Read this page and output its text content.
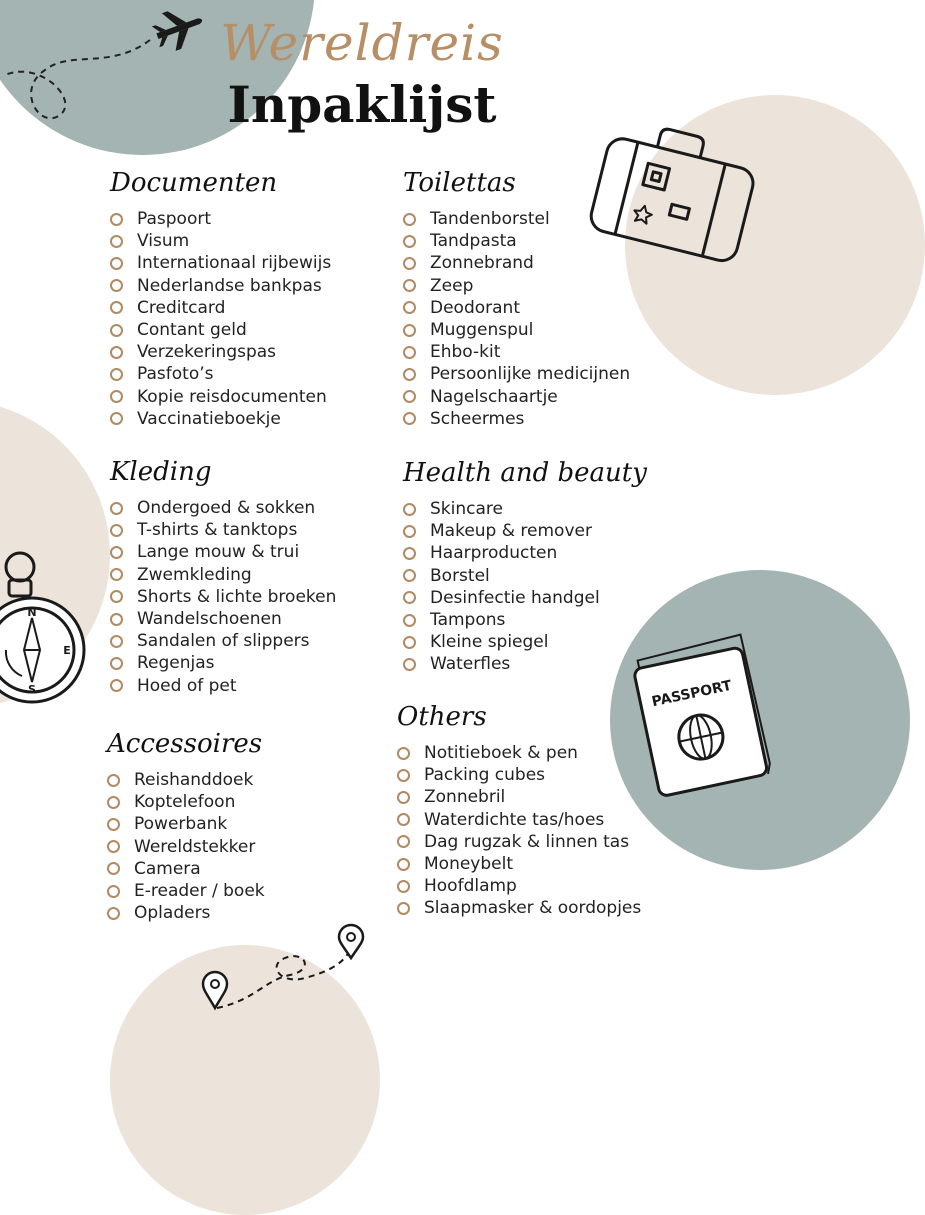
N
E
S	PASSPORT
Wereldreis
Inpaklijst
Documenten
Paspoort
Visum
Internationaal rijbewijs
Nederlandse bankpas
Creditcard
Contant geld
Verzekeringspas
Pasfoto’s
Kopie reisdocumenten
Vaccinatieboekje
Toilettas
Tandenborstel
Tandpasta
Zonnebrand
Zeep
Deodorant
Muggenspul
Ehbo-kit
Persoonlijke medicijnen
Nagelschaartje
Scheermes
Kleding
Ondergoed & sokken
T-shirts & tanktops
Lange mouw & trui
Zwemkleding
Shorts & lichte broeken
Wandelschoenen
Sandalen of slippers
Regenjas
Hoed of pet
Health and beauty
Skincare
Makeup & remover
Haarproducten
Borstel
Desinfectie handgel
Tampons
Kleine spiegel
Waterfles
Accessoires
Reishanddoek
Koptelefoon
Powerbank
Wereldstekker
Camera
E-reader / boek
Opladers
Others
Notitieboek & pen
Packing cubes
Zonnebril
Waterdichte tas/hoes
Dag rugzak & linnen tas
Moneybelt
Hoofdlamp
Slaapmasker & oordopjes
